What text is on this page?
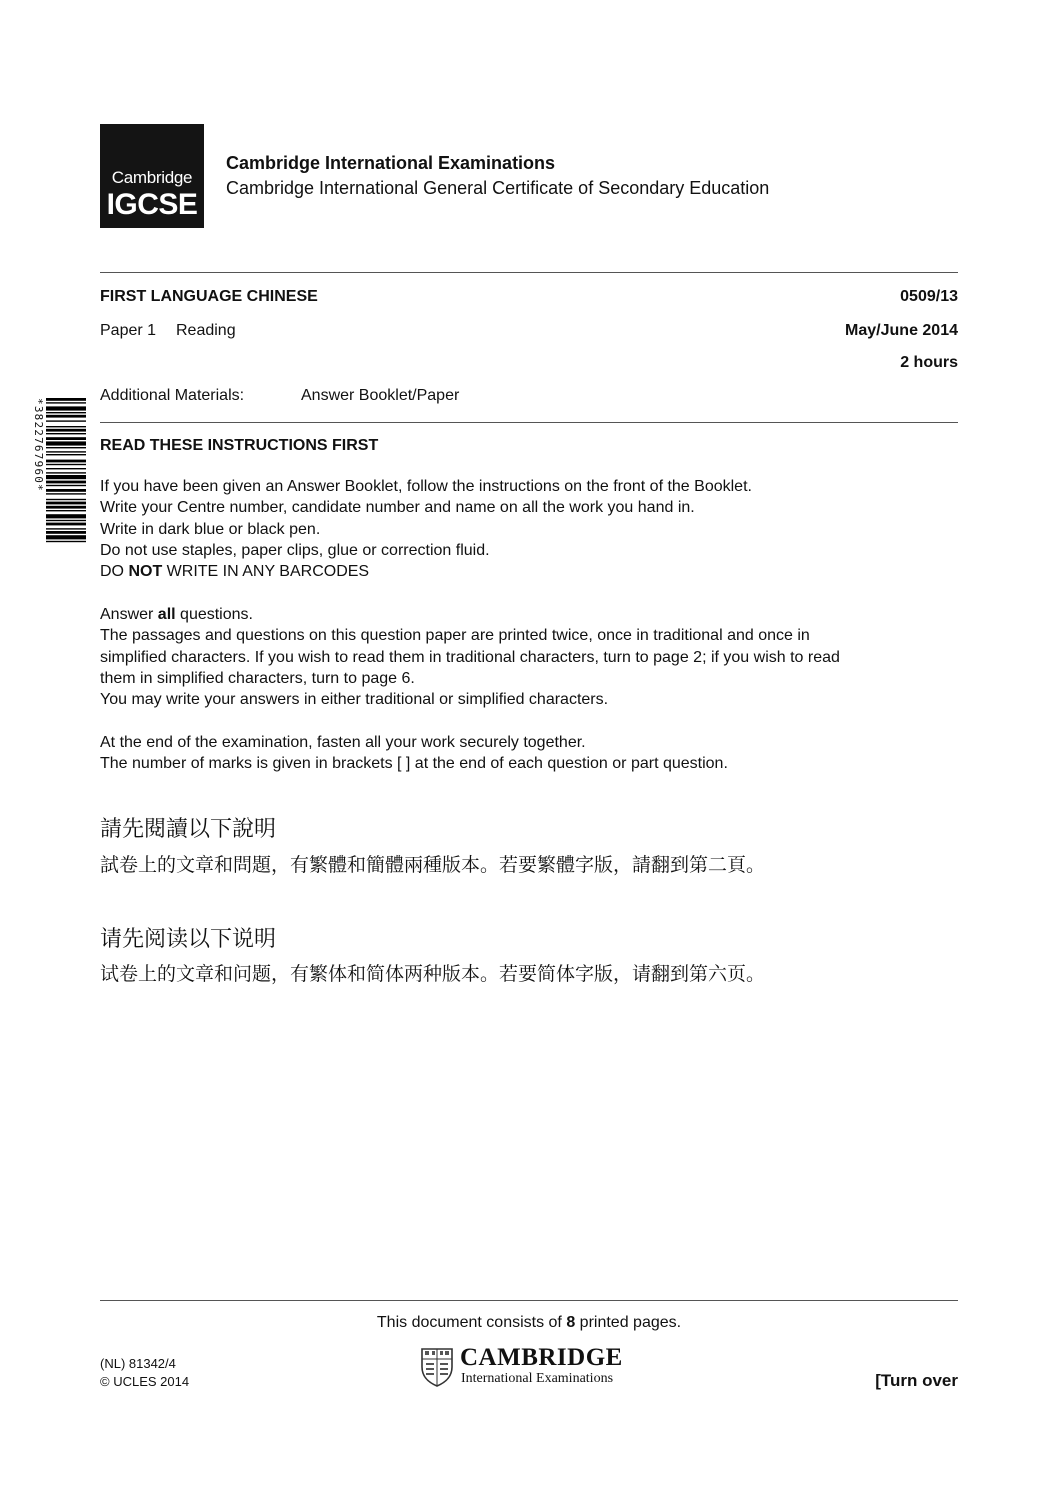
Cambridge
IGCSE
Cambridge International Examinations
Cambridge International General Certificate of Secondary Education
FIRST LANGUAGE CHINESE	0509/13
Paper 1 Reading	May/June 2014
2 hours
Additional Materials:	Answer Booklet/Paper
*3822767960*	READ THESE INSTRUCTIONS FIRST
If you have been given an Answer Booklet, follow the instructions on the front of the Booklet.
Write your Centre number, candidate number and name on all the work you hand in.
Write in dark blue or black pen.
Do not use staples, paper clips, glue or correction fluid.
DO NOT WRITE IN ANY BARCODES
Answer all questions.
The passages and questions on this question paper are printed twice, once in traditional and once in
simplified characters. If you wish to read them in traditional characters, turn to page 2; if you wish to read
them in simplified characters, turn to page 6.
You may write your answers in either traditional or simplified characters.
At the end of the examination, fasten all your work securely together.
The number of marks is given in brackets [ ] at the end of each question or part question.
請先閱讀以下說明
試卷上的文章和問題，有繁體和簡體兩種版本。若要繁體字版，請翻到第二頁。
请先阅读以下说明
试卷上的文章和问题，有繁体和简体两种版本。若要简体字版，请翻到第六页。
This document consists of 8 printed pages.
(NL) 81342/4
© UCLES 2014
CAMBRIDGE
International Examinations	[Turn over
